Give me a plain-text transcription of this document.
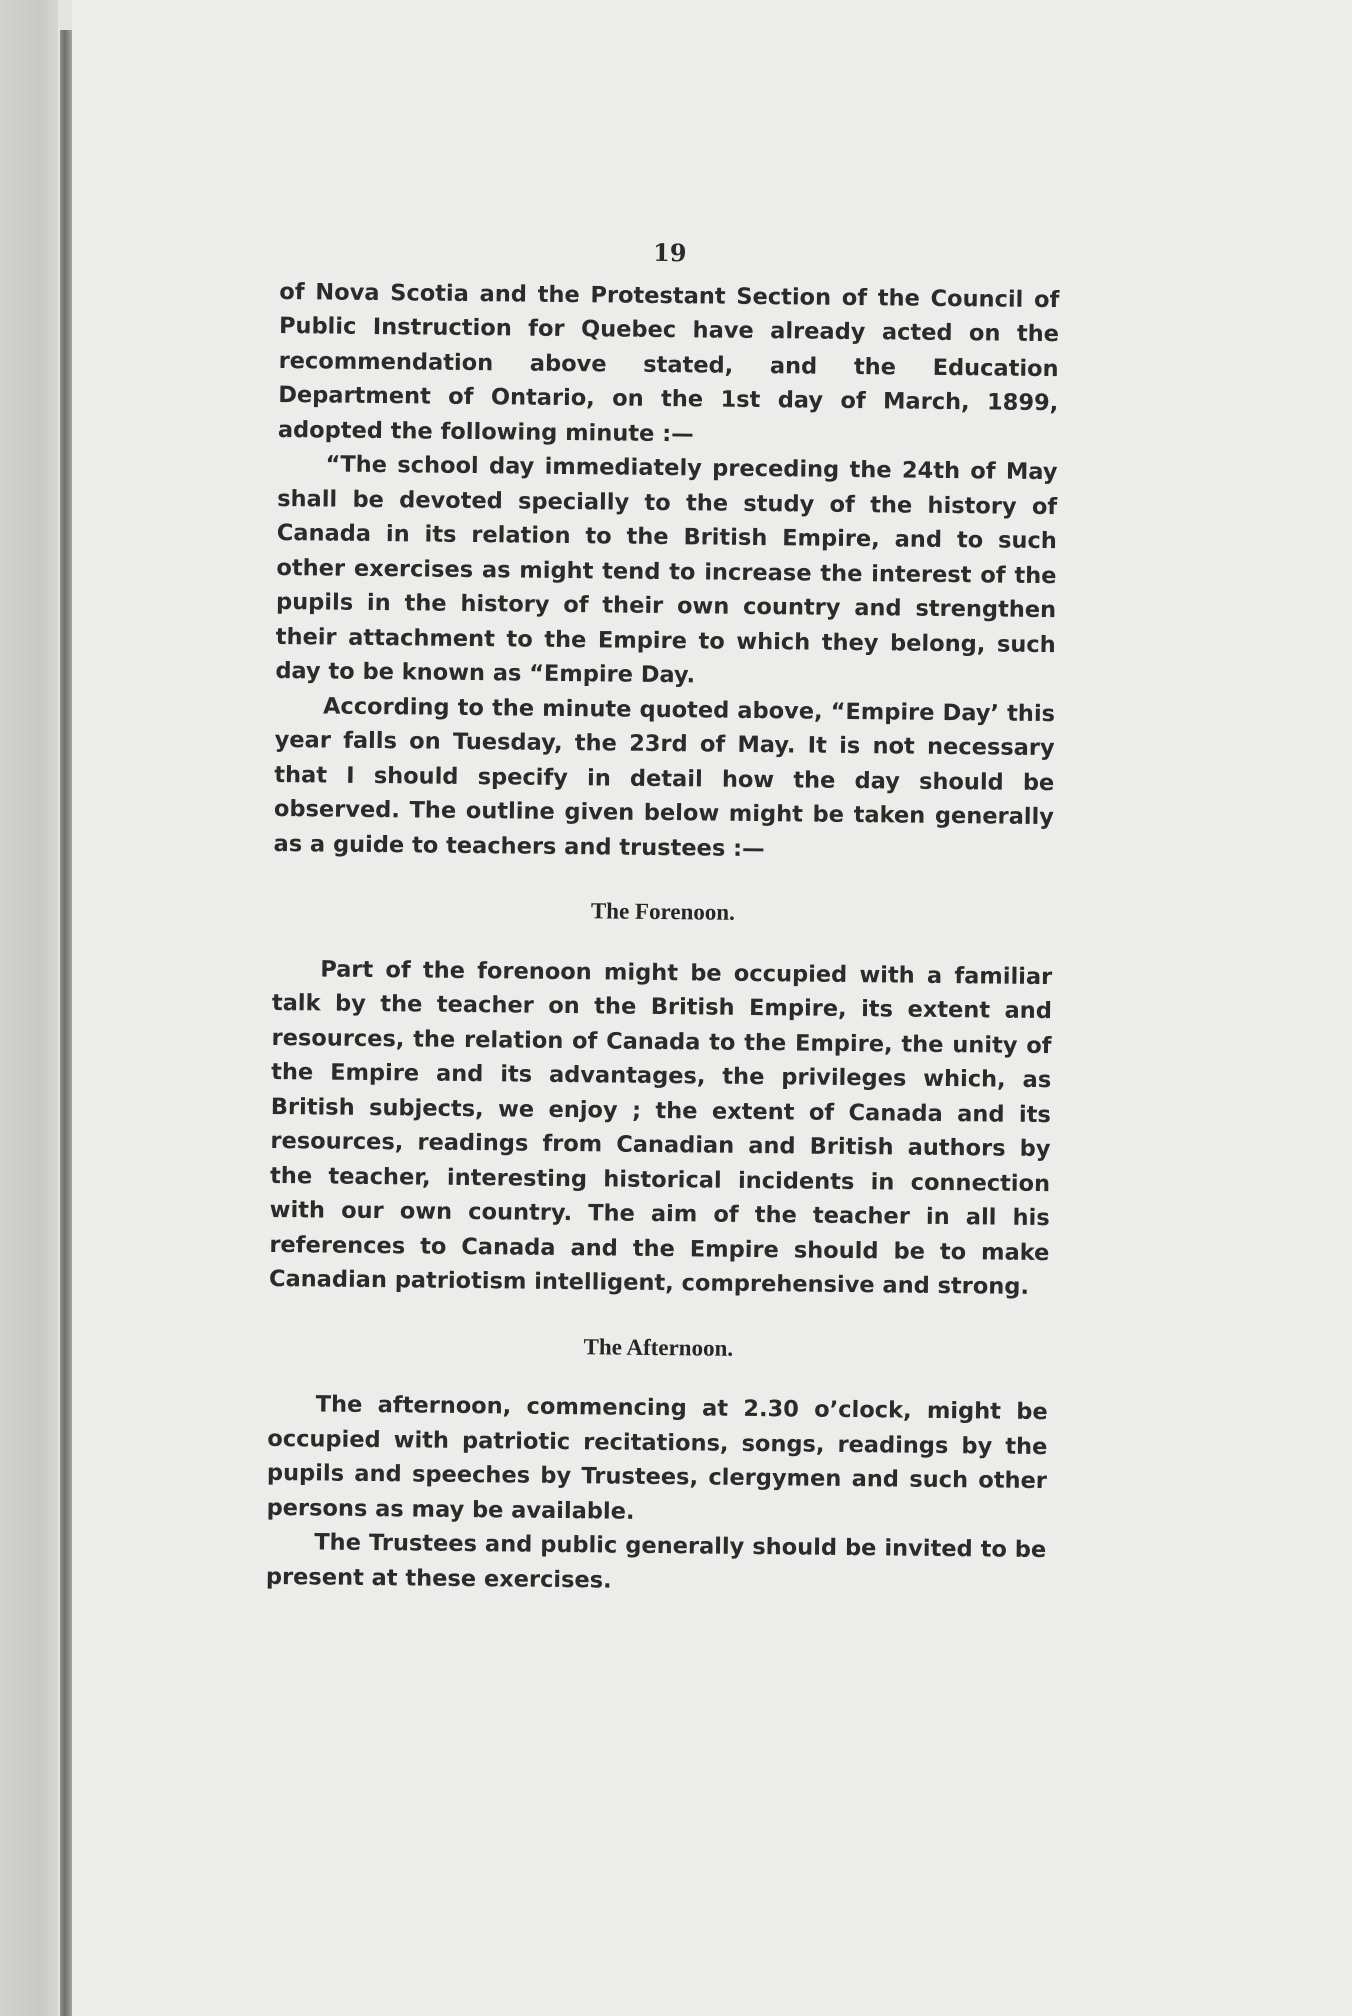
19

of Nova Scotia and the Protestant Section of the Council of Public Instruction for Quebec have already acted on the recommendation above stated, and the Education Department of Ontario, on the 1st day of March, 1899, adopted the following minute :—

“The school day immediately preceding the 24th of May shall be devoted specially to the study of the history of Canada in its relation to the British Empire, and to such other exercises as might tend to increase the interest of the pupils in the history of their own country and strengthen their attachment to the Empire to which they belong, such day to be known as “Empire Day.

According to the minute quoted above, “Empire Day’ this year falls on Tuesday, the 23rd of May. It is not necessary that I should specify in detail how the day should be observed. The outline given below might be taken generally as a guide to teachers and trustees :—

The Forenoon.

Part of the forenoon might be occupied with a familiar talk by the teacher on the British Empire, its extent and resources, the relation of Canada to the Empire, the unity of the Empire and its advantages, the privileges which, as British subjects, we enjoy ; the extent of Canada and its resources, readings from Canadian and British authors by the teacher, interesting historical incidents in connection with our own country. The aim of the teacher in all his references to Canada and the Empire should be to make Canadian patriotism intelligent, comprehensive and strong.

The Afternoon.

The afternoon, commencing at 2.30 o’clock, might be occupied with patriotic recitations, songs, readings by the pupils and speeches by Trustees, clergymen and such other persons as may be available.

The Trustees and public generally should be invited to be present at these exercises.
